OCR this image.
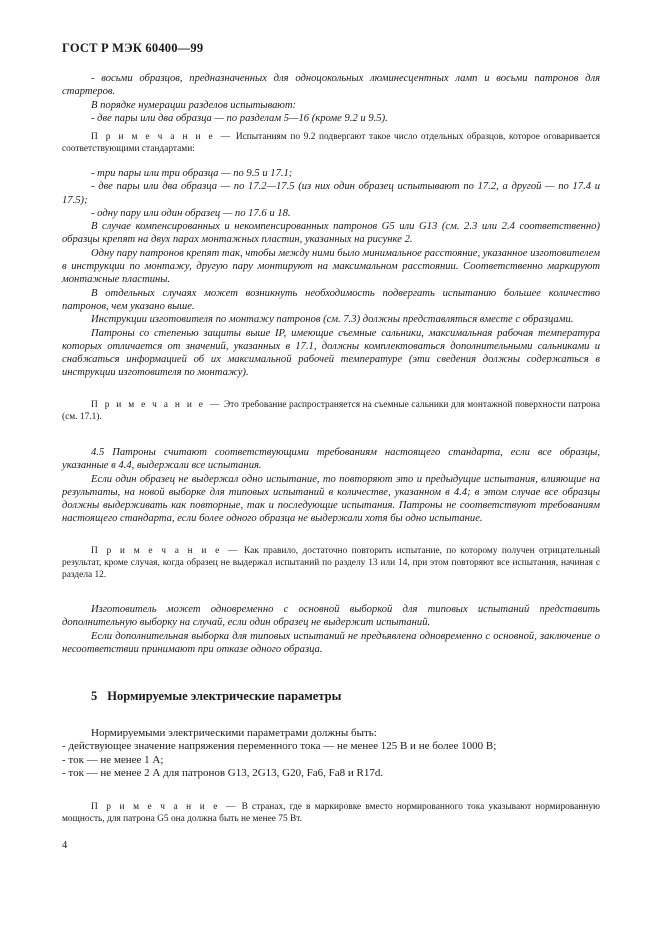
ГОСТ Р МЭК 60400—99

- восьми образцов, предназначенных для одноцокольных люминесцентных ламп и восьми патронов для стартеров.

В порядке нумерации разделов испытывают:

- две пары или два образца — по разделам 5—16 (кроме 9.2 и 9.5).

П р и м е ч а н и е — Испытаниям по 9.2 подвергают такое число отдельных образцов, которое оговаривается соответствующими стандартами:

- три пары или три образца — по 9.5 и 17.1;

- две пары или два образца — по 17.2—17.5 (из них один образец испытывают по 17.2, а другой — по 17.4 и 17.5);

- одну пару или один образец — по 17.6 и 18.

В случае компенсированных и некомпенсированных патронов G5 или G13 (см. 2.3 или 2.4 соответственно) образцы крепят на двух парах монтажных пластин, указанных на рисунке 2.

Одну пару патронов крепят так, чтобы между ними было минимальное расстояние, указанное изготовителем в инструкции по монтажу, другую пару монтируют на максимальном расстоянии. Соответственно маркируют монтажные пластины.

В отдельных случаях может возникнуть необходимость подвергать испытанию большее количество патронов, чем указано выше.

Инструкции изготовителя по монтажу патронов (см. 7.3) должны представляться вместе с образцами.

Патроны со степенью защиты выше IP, имеющие съемные сальники, максимальная рабочая температура которых отличается от значений, указанных в 17.1, должны комплектоваться дополнительными сальниками и снабжаться информацией об их максимальной рабочей температуре (эти сведения должны содержаться в инструкции изготовителя по монтажу).

П р и м е ч а н и е — Это требование распространяется на съемные сальники для монтажной поверхности патрона (см. 17.1).

4.5 Патроны считают соответствующими требованиям настоящего стандарта, если все образцы, указанные в 4.4, выдержали все испытания.

Если один образец не выдержал одно испытание, то повторяют это и предыдущие испытания, влияющие на результаты, на новой выборке для типовых испытаний в количестве, указанном в 4.4; в этом случае все образцы должны выдерживать как повторные, так и последующие испытания. Патроны не соответствуют требованиям настоящего стандарта, если более одного образца не выдержали хотя бы одно испытание.

П р и м е ч а н и е — Как правило, достаточно повторить испытание, по которому получен отрицательный результат, кроме случая, когда образец не выдержал испытаний по разделу 13 или 14, при этом повторяют все испытания, начиная с раздела 12.

Изготовитель может одновременно с основной выборкой для типовых испытаний представить дополнительную выборку на случай, если один образец не выдержит испытаний.

Если дополнительная выборка для типовых испытаний не предъявлена одновременно с основной, заключение о несоответствии принимают при отказе одного образца.

5 Нормируемые электрические параметры

Нормируемыми электрическими параметрами должны быть:

- действующее значение напряжения переменного тока — не менее 125 В и не более 1000 В;

- ток — не менее 1 А;

- ток — не менее 2 А для патронов G13, 2G13, G20, Fa6, Fa8 и R17d.

П р и м е ч а н и е — В странах, где в маркировке вместо нормированного тока указывают нормированную мощность, для патрона G5 она должна быть не менее 75 Вт.

4
